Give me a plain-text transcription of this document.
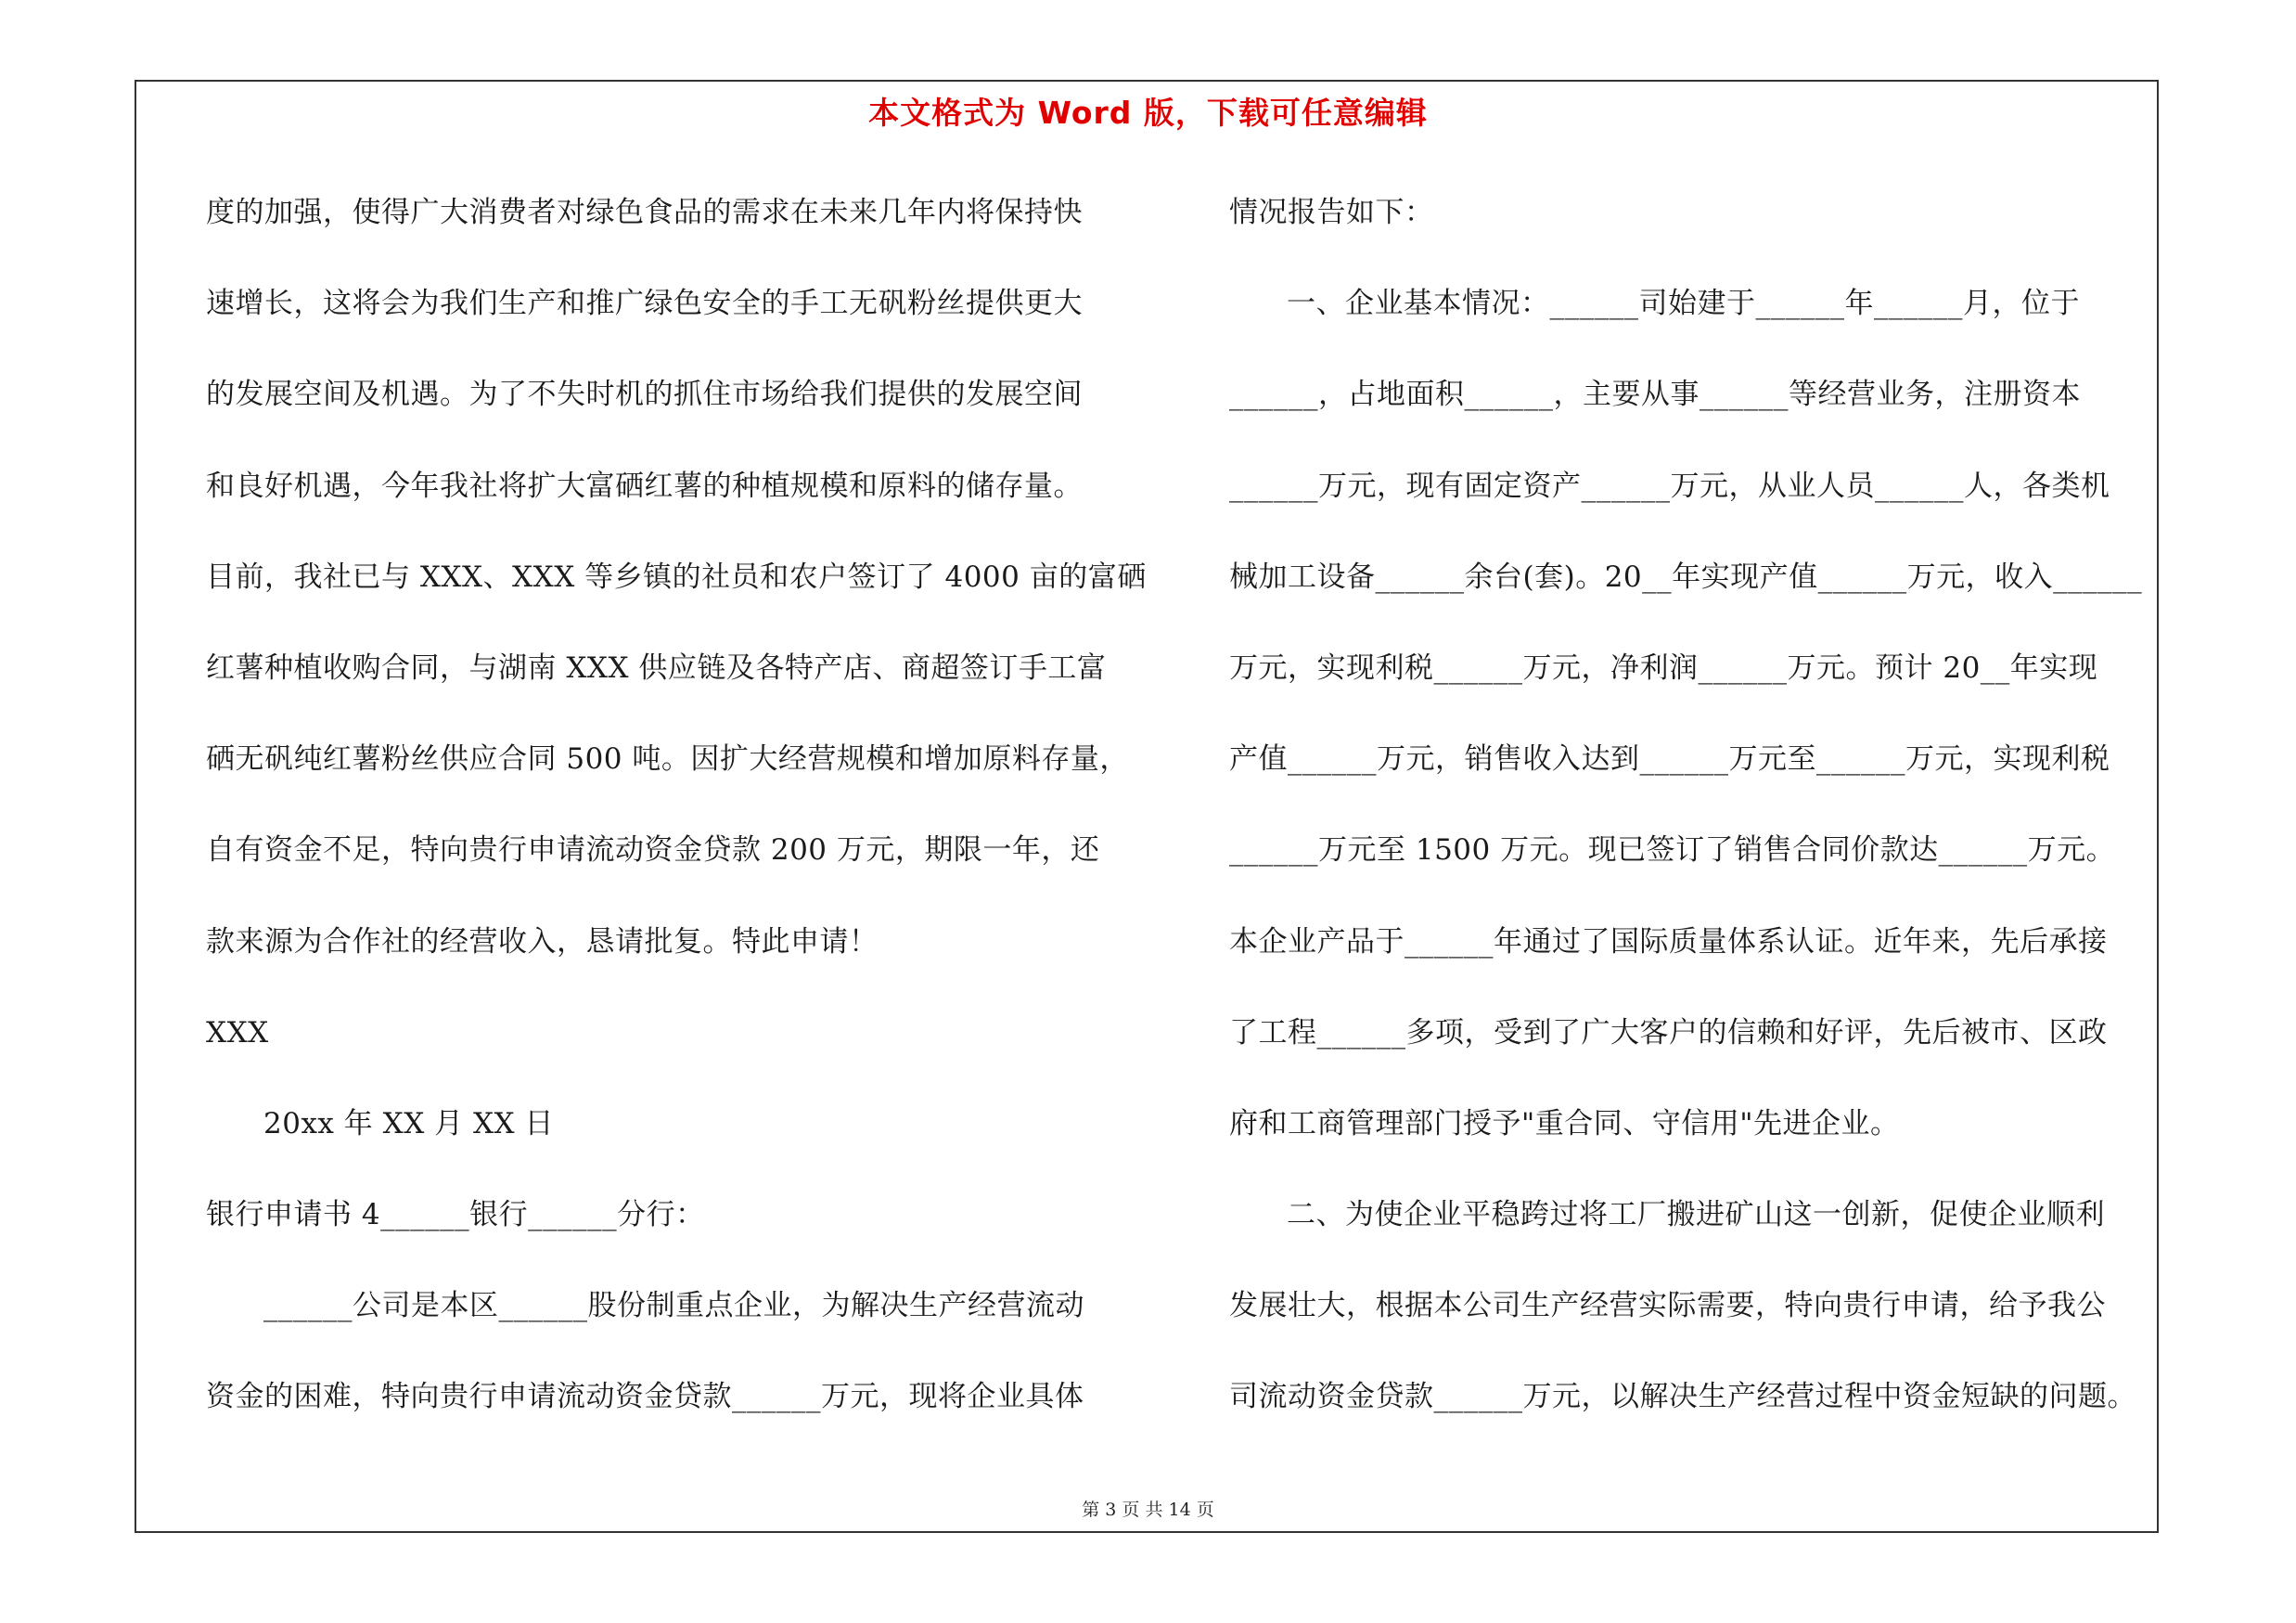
本文格式为 Word 版，下载可任意编辑
度的加强，使得广大消费者对绿色食品的需求在未来几年内将保持快
速增长，这将会为我们生产和推广绿色安全的手工无矾粉丝提供更大
的发展空间及机遇。为了不失时机的抓住市场给我们提供的发展空间
和良好机遇，今年我社将扩大富硒红薯的种植规模和原料的储存量。
目前，我社已与 XXX、XXX 等乡镇的社员和农户签订了 4000 亩的富硒
红薯种植收购合同，与湖南 XXX 供应链及各特产店、商超签订手工富
硒无矾纯红薯粉丝供应合同 500 吨。因扩大经营规模和增加原料存量，
自有资金不足，特向贵行申请流动资金贷款 200 万元，期限一年，还
款来源为合作社的经营收入，恳请批复。特此申请！
XXX
20xx 年 XX 月 XX 日
银行申请书 4______银行______分行：
______公司是本区______股份制重点企业，为解决生产经营流动
资金的困难，特向贵行申请流动资金贷款______万元，现将企业具体
情况报告如下：
一、企业基本情况：______司始建于______年______月，位于
______，占地面积______，主要从事______等经营业务，注册资本
______万元，现有固定资产______万元，从业人员______人，各类机
械加工设备______余台(套)。20__年实现产值______万元，收入______
万元，实现利税______万元，净利润______万元。预计 20__年实现
产值______万元，销售收入达到______万元至______万元，实现利税
______万元至 1500 万元。现已签订了销售合同价款达______万元。
本企业产品于______年通过了国际质量体系认证。近年来，先后承接
了工程______多项，受到了广大客户的信赖和好评，先后被市、区政
府和工商管理部门授予"重合同、守信用"先进企业。
二、为使企业平稳跨过将工厂搬进矿山这一创新，促使企业顺利
发展壮大，根据本公司生产经营实际需要，特向贵行申请，给予我公
司流动资金贷款______万元，以解决生产经营过程中资金短缺的问题。
第 3 页 共 14 页
